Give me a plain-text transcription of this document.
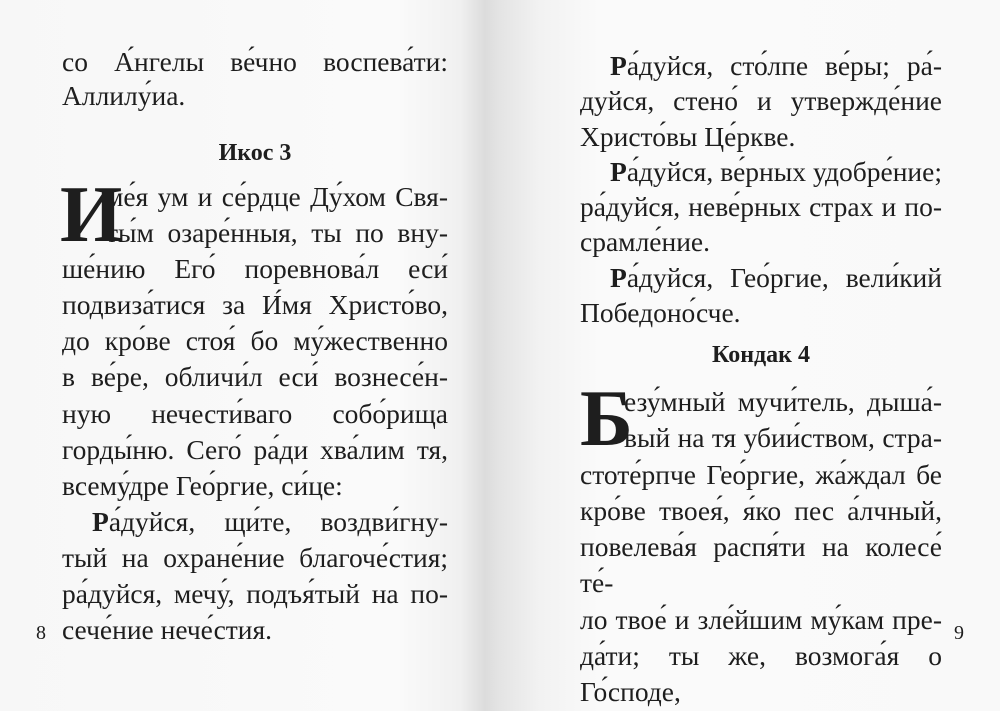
со А́нгелы ве́чно воспева́ти:
Аллилу́иа.
Икос 3
И
ме́я ум и се́рдце Ду́хом Свя-
ты́м озаре́нныя, ты по вну-
ше́нию Его́ поревнова́л еси́
подвиза́тися за И́мя Христо́во,
до кро́ве стоя́ бо му́жественно
в ве́ре, обличи́л еси́ вознесе́н-
ную нечести́ваго собо́рища
горды́ню. Сего́ ра́ди хва́лим тя,
всему́дре Гео́ргие, си́це:
Ра́дуйся, щи́те, воздви́гну-
тый на охране́ние благоче́стия;
ра́дуйся, мечу́, подъя́тый на по-
сече́ние нече́стия.
8
Ра́дуйся, сто́лпе ве́ры; ра́-
дуйся, стено́ и утвержде́ние
Христо́вы Це́ркве.
Ра́дуйся, ве́рных удобре́ние;
ра́дуйся, неве́рных страх и по-
срамле́ние.
Ра́дуйся, Гео́ргие, вели́кий
Победоно́сче.
Кондак 4
Б
езу́мный мучи́тель, дыша́-
вый на тя убии́ством, стра-
стоте́рпче Гео́ргие, жа́ждал бе
кро́ве твоея́, я́ко пес а́лчный,
повелева́я распя́ти на колесе́ те́-
ло твое́ и зле́йшим му́кам пре-
да́ти; ты же, возмога́я о Го́споде,
9
